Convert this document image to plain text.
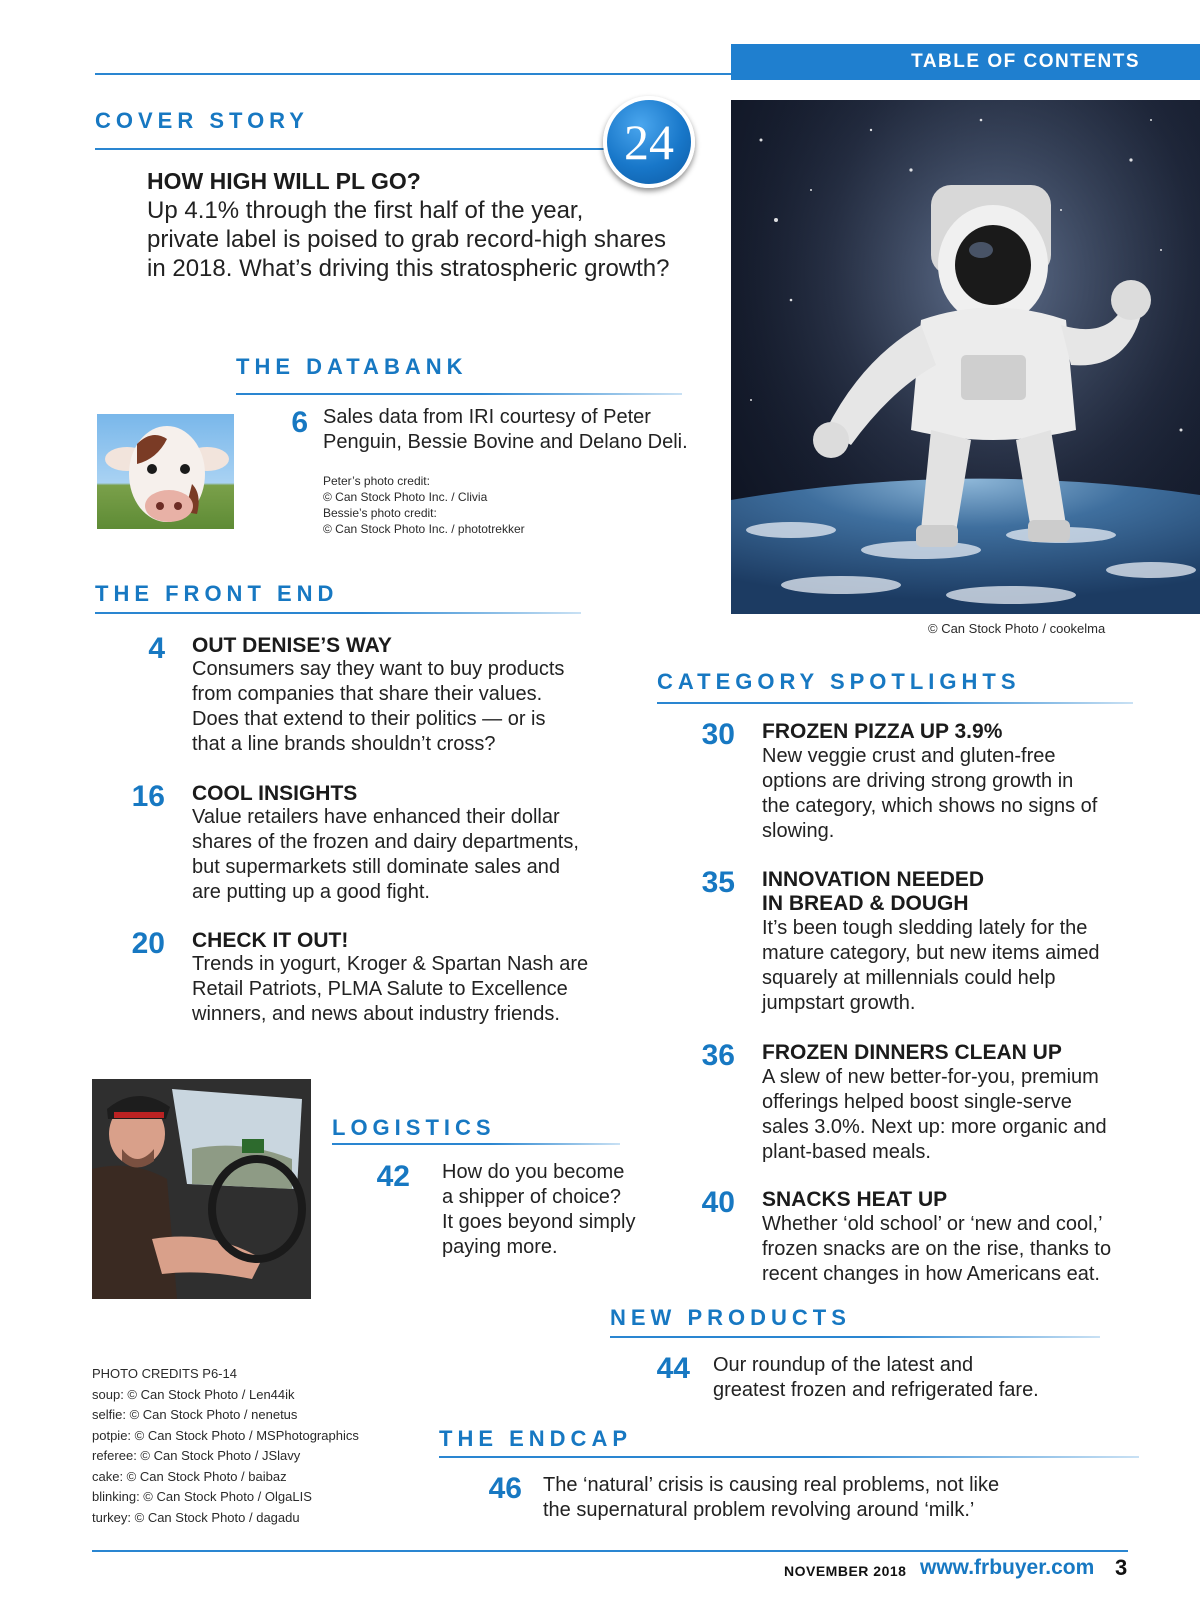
TABLE OF CONTENTS
COVER STORY	24
HOW HIGH WILL PL GO?
Up 4.1% through the first half of the year,
private label is poised to grab record-high shares
in 2018. What’s driving this stratospheric growth?
© Can Stock Photo / cookelma
THE DATABANK
6 Sales data from IRI courtesy of Peter
Penguin, Bessie Bovine and Delano Deli.
Peter’s photo credit:
© Can Stock Photo Inc. / Clivia
Bessie’s photo credit:
© Can Stock Photo Inc. / phototrekker
THE FRONT END
4 OUT DENISE’S WAY
Consumers say they want to buy products
from companies that share their values.
Does that extend to their politics — or is
that a line brands shouldn’t cross?
16 COOL INSIGHTS
Value retailers have enhanced their dollar
shares of the frozen and dairy departments,
but supermarkets still dominate sales and
are putting up a good fight.
20 CHECK IT OUT!
Trends in yogurt, Kroger & Spartan Nash are
Retail Patriots, PLMA Salute to Excellence
winners, and news about industry friends.
LOGISTICS
42 How do you become
a shipper of choice?
It goes beyond simply
paying more.
CATEGORY SPOTLIGHTS
30 FROZEN PIZZA UP 3.9%
New veggie crust and gluten-free
options are driving strong growth in
the category, which shows no signs of
slowing.
35 INNOVATION NEEDED
IN BREAD & DOUGH
It’s been tough sledding lately for the
mature category, but new items aimed
squarely at millennials could help
jumpstart growth.
36 FROZEN DINNERS CLEAN UP
A slew of new better-for-you, premium
offerings helped boost single-serve
sales 3.0%. Next up: more organic and
plant-based meals.
40 SNACKS HEAT UP
Whether ‘old school’ or ‘new and cool,’
frozen snacks are on the rise, thanks to
recent changes in how Americans eat.
NEW PRODUCTS
44 Our roundup of the latest and
greatest frozen and refrigerated fare.
PHOTO CREDITS P6-14
soup: © Can Stock Photo / Len44ik
selfie: © Can Stock Photo / nenetus
potpie: © Can Stock Photo / MSPhotographics
referee: © Can Stock Photo / JSlavy
cake: © Can Stock Photo / baibaz
blinking: © Can Stock Photo / OlgaLIS
turkey: © Can Stock Photo / dagadu
THE ENDCAP
46 The ‘natural’ crisis is causing real problems, not like
the supernatural problem revolving around ‘milk.’
NOVEMBER 2018 www.frbuyer.com 3
